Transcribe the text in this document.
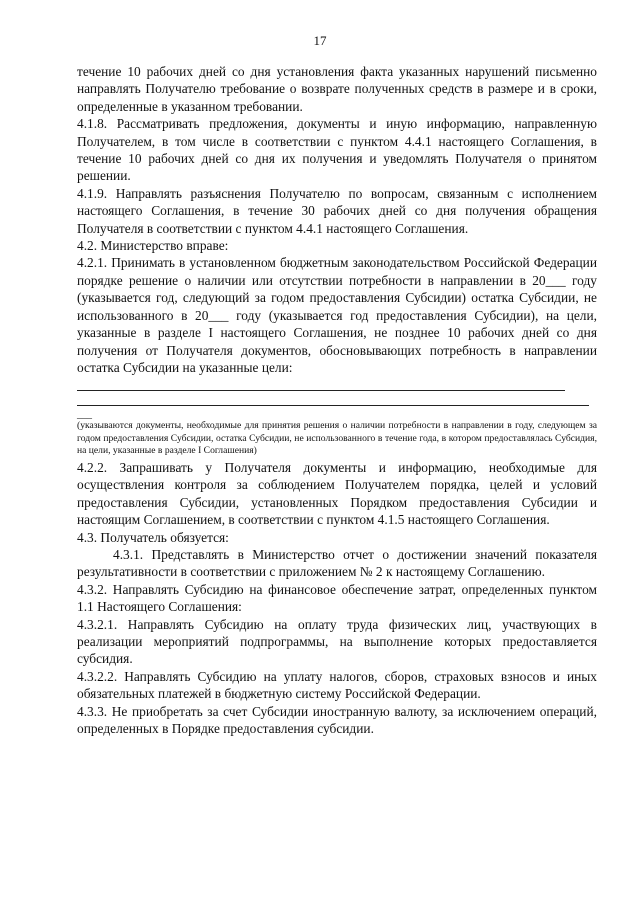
17

течение 10 рабочих дней со дня установления факта указанных нарушений письменно направлять Получателю требование о возврате полученных средств в размере и в сроки, определенные в указанном требовании.

4.1.8. Рассматривать предложения, документы и иную информацию, направленную Получателем, в том числе в соответствии с пунктом 4.4.1 настоящего Соглашения, в течение 10 рабочих дней со дня их получения и уведомлять Получателя о принятом решении.

4.1.9. Направлять разъяснения Получателю по вопросам, связанным с исполнением настоящего Соглашения, в течение 30 рабочих дней со дня получения обращения Получателя в соответствии с пунктом 4.4.1 настоящего Соглашения.

4.2. Министерство вправе:

4.2.1. Принимать в установленном бюджетным законодательством Российской Федерации порядке решение о наличии или отсутствии потребности в направлении в 20___ году (указывается год, следующий за годом предоставления Субсидии) остатка Субсидии, не использованного в 20___ году (указывается год предоставления Субсидии), на цели, указанные в разделе I настоящего Соглашения, не позднее 10 рабочих дней со дня получения от Получателя документов, обосновывающих потребность в направлении остатка Субсидии на указанные цели:

___

(указываются документы, необходимые для принятия решения о наличии потребности в направлении в году, следующем за годом предоставления Субсидии, остатка Субсидии, не использованного в течение года, в котором предоставлялась Субсидия, на цели, указанные в разделе I Соглашения)

4.2.2. Запрашивать у Получателя документы и информацию, необходимые для осуществления контроля за соблюдением Получателем порядка, целей и условий предоставления Субсидии, установленных Порядком предоставления Субсидии и настоящим Соглашением, в соответствии с пунктом 4.1.5 настоящего Соглашения.

4.3. Получатель обязуется:

4.3.1. Представлять в Министерство отчет о достижении значений показателя результативности в соответствии с приложением № 2 к настоящему Соглашению.

4.3.2. Направлять Субсидию на финансовое обеспечение затрат, определенных пунктом 1.1 Настоящего Соглашения:

4.3.2.1. Направлять Субсидию на оплату труда физических лиц, участвующих в реализации мероприятий подпрограммы, на выполнение которых предоставляется субсидия.

4.3.2.2. Направлять Субсидию на уплату налогов, сборов, страховых взносов и иных обязательных платежей в бюджетную систему Российской Федерации.

4.3.3. Не приобретать за счет Субсидии иностранную валюту, за исключением операций, определенных в Порядке предоставления субсидии.
